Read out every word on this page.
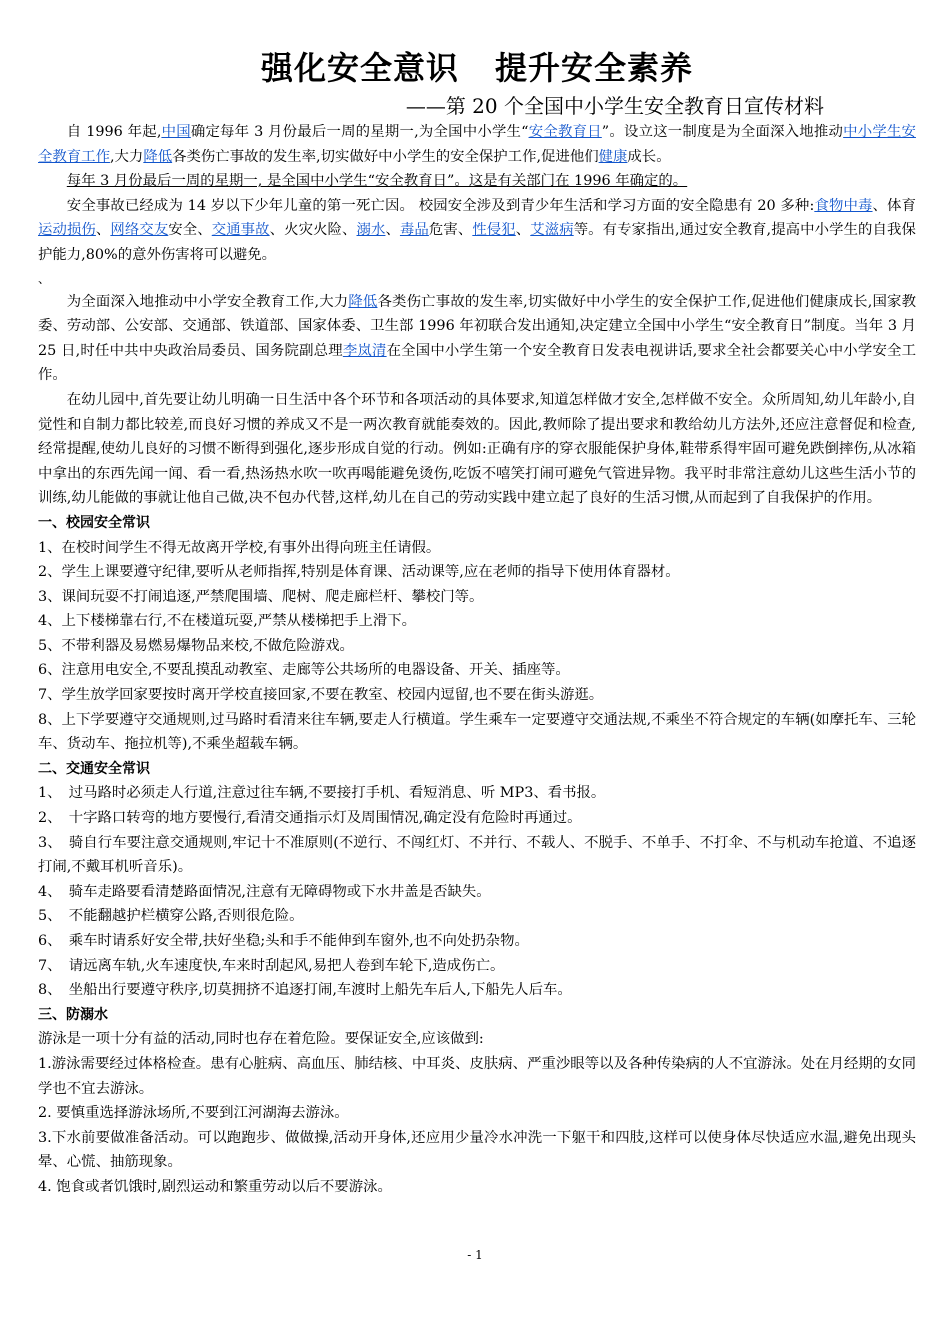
强化安全意识 提升安全素养
——第 20 个全国中小学生安全教育日宣传材料

自 1996 年起,中国确定每年 3 月份最后一周的星期一,为全国中小学生“安全教育日”。设立这一制度是为全面深入地推动中小学生安全教育工作,大力降低各类伤亡事故的发生率,切实做好中小学生的安全保护工作,促进他们健康成长。

每年 3 月份最后一周的星期一, 是全国中小学生“安全教育日”。这是有关部门在 1996 年确定的。

安全事故已经成为 14 岁以下少年儿童的第一死亡因。 校园安全涉及到青少年生活和学习方面的安全隐患有 20 多种:食物中毒、体育运动损伤、网络交友安全、交通事故、火灾火险、溺水、毒品危害、性侵犯、艾滋病等。有专家指出,通过安全教育,提高中小学生的自我保护能力,80%的意外伤害将可以避免。

、

为全面深入地推动中小学安全教育工作,大力降低各类伤亡事故的发生率,切实做好中小学生的安全保护工作,促进他们健康成长,国家教委、劳动部、公安部、交通部、铁道部、国家体委、卫生部 1996 年初联合发出通知,决定建立全国中小学生“安全教育日”制度。当年 3 月 25 日,时任中共中央政治局委员、国务院副总理李岚清在全国中小学生第一个安全教育日发表电视讲话,要求全社会都要关心中小学安全工作。

在幼儿园中,首先要让幼儿明确一日生活中各个环节和各项活动的具体要求,知道怎样做才安全,怎样做不安全。众所周知,幼儿年龄小,自觉性和自制力都比较差,而良好习惯的养成又不是一两次教育就能奏效的。因此,教师除了提出要求和教给幼儿方法外,还应注意督促和检查,经常提醒,使幼儿良好的习惯不断得到强化,逐步形成自觉的行动。例如:正确有序的穿衣服能保护身体,鞋带系得牢固可避免跌倒摔伤,从冰箱中拿出的东西先闻一闻、看一看,热汤热水吹一吹再喝能避免烫伤,吃饭不嘻笑打闹可避免气管进异物。我平时非常注意幼儿这些生活小节的训练,幼儿能做的事就让他自己做,决不包办代替,这样,幼儿在自己的劳动实践中建立起了良好的生活习惯,从而起到了自我保护的作用。

一、校园安全常识

1、在校时间学生不得无故离开学校,有事外出得向班主任请假。

2、学生上课要遵守纪律,要听从老师指挥,特别是体育课、活动课等,应在老师的指导下使用体育器材。

3、课间玩耍不打闹追逐,严禁爬围墙、爬树、爬走廊栏杆、攀校门等。

4、上下楼梯靠右行,不在楼道玩耍,严禁从楼梯把手上滑下。

5、不带利器及易燃易爆物品来校,不做危险游戏。

6、注意用电安全,不要乱摸乱动教室、走廊等公共场所的电器设备、开关、插座等。

7、学生放学回家要按时离开学校直接回家,不要在教室、校园内逗留,也不要在街头游逛。

8、上下学要遵守交通规则,过马路时看清来往车辆,要走人行横道。学生乘车一定要遵守交通法规,不乘坐不符合规定的车辆(如摩托车、三轮车、货动车、拖拉机等),不乘坐超载车辆。

二、交通安全常识

1、　过马路时必须走人行道,注意过往车辆,不要接打手机、看短消息、听 MP3、看书报。

2、　十字路口转弯的地方要慢行,看清交通指示灯及周围情况,确定没有危险时再通过。

3、　骑自行车要注意交通规则,牢记十不准原则(不逆行、不闯红灯、不并行、不载人、不脱手、不单手、不打伞、不与机动车抢道、不追逐打闹,不戴耳机听音乐)。

4、　骑车走路要看清楚路面情况,注意有无障碍物或下水井盖是否缺失。

5、　不能翻越护栏横穿公路,否则很危险。

6、　乘车时请系好安全带,扶好坐稳;头和手不能伸到车窗外,也不向处扔杂物。

7、　请远离车轨,火车速度快,车来时刮起风,易把人卷到车轮下,造成伤亡。

8、　坐船出行要遵守秩序,切莫拥挤不追逐打闹,车渡时上船先车后人,下船先人后车。

三、防溺水

游泳是一项十分有益的活动,同时也存在着危险。要保证安全,应该做到:

1.游泳需要经过体格检查。患有心脏病、高血压、肺结核、中耳炎、皮肤病、严重沙眼等以及各种传染病的人不宜游泳。处在月经期的女同学也不宜去游泳。

2. 要慎重选择游泳场所,不要到江河湖海去游泳。

3.下水前要做准备活动。可以跑跑步、做做操,活动开身体,还应用少量冷水冲洗一下躯干和四肢,这样可以使身体尽快适应水温,避免出现头晕、心慌、抽筋现象。

4. 饱食或者饥饿时,剧烈运动和繁重劳动以后不要游泳。

- 1
